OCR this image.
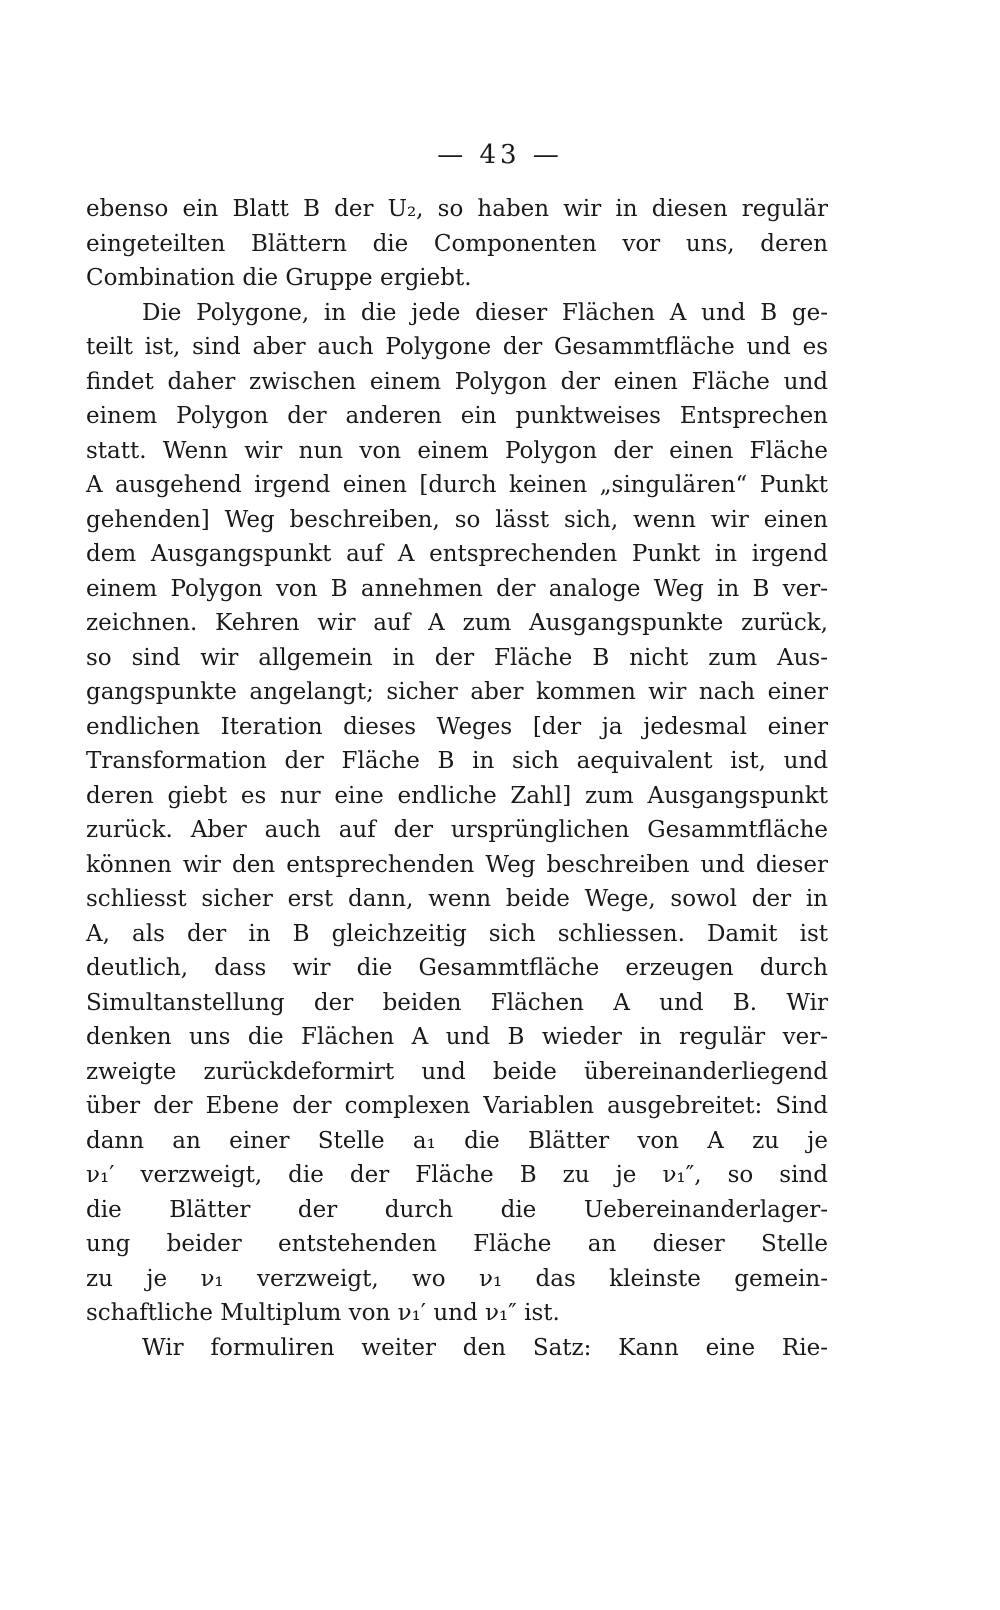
— 43 —
ebenso ein Blatt B der U₂, so haben wir in diesen regulär
eingeteilten Blättern die Componenten vor uns, deren
Combination die Gruppe ergiebt.
Die Polygone, in die jede dieser Flächen A und B ge-
teilt ist, sind aber auch Polygone der Gesammtfläche und es
findet daher zwischen einem Polygon der einen Fläche und
einem Polygon der anderen ein punktweises Entsprechen
statt. Wenn wir nun von einem Polygon der einen Fläche
A ausgehend irgend einen [durch keinen „singulären“ Punkt
gehenden] Weg beschreiben, so lässt sich, wenn wir einen
dem Ausgangspunkt auf A entsprechenden Punkt in irgend
einem Polygon von B annehmen der analoge Weg in B ver-
zeichnen. Kehren wir auf A zum Ausgangspunkte zurück,
so sind wir allgemein in der Fläche B nicht zum Aus-
gangspunkte angelangt; sicher aber kommen wir nach einer
endlichen Iteration dieses Weges [der ja jedesmal einer
Transformation der Fläche B in sich aequivalent ist, und
deren giebt es nur eine endliche Zahl] zum Ausgangspunkt
zurück. Aber auch auf der ursprünglichen Gesammtfläche
können wir den entsprechenden Weg beschreiben und dieser
schliesst sicher erst dann, wenn beide Wege, sowol der in
A, als der in B gleichzeitig sich schliessen. Damit ist
deutlich, dass wir die Gesammtfläche erzeugen durch
Simultanstellung der beiden Flächen A und B. Wir
denken uns die Flächen A und B wieder in regulär ver-
zweigte zurückdeformirt und beide übereinanderliegend
über der Ebene der complexen Variablen ausgebreitet: Sind
dann an einer Stelle a₁ die Blätter von A zu je
ν₁′ verzweigt, die der Fläche B zu je ν₁″, so sind
die Blätter der durch die Uebereinanderlager-
ung beider entstehenden Fläche an dieser Stelle
zu je ν₁ verzweigt, wo ν₁ das kleinste gemein-
schaftliche Multiplum von ν₁′ und ν₁″ ist.
Wir formuliren weiter den Satz: Kann eine Rie-
